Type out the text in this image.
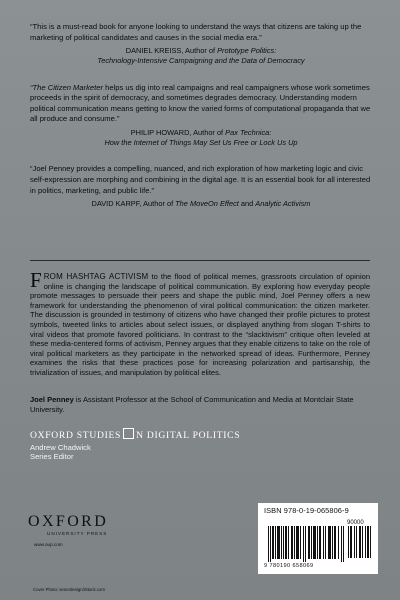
“This is a must-read book for anyone looking to understand the ways that citizens are taking up the marketing of political candidates and causes in the social media era.”

DANIEL KREISS, Author of Prototype Politics:
Technology-Intensive Campaigning and the Data of Democracy

“The Citizen Marketer helps us dig into real campaigns and real campaigners whose work sometimes proceeds in the spirit of democracy, and sometimes degrades democracy. Understanding modern political communication means getting to know the varied forms of computational propaganda that we all produce and consume.”

PHILIP HOWARD, Author of Pax Technica:
How the Internet of Things May Set Us Free or Lock Us Up

“Joel Penney provides a compelling, nuanced, and rich exploration of how marketing logic and civic self-expression are morphing and combining in the digital age. It is an essential book for all interested in politics, marketing, and public life.”

DAVID KARPF, Author of The MoveOn Effect and Analytic Activism

FROM HASHTAG ACTIVISM to the flood of political memes, grassroots circulation of opinion online is changing the landscape of political communication. By exploring how everyday people promote messages to persuade their peers and shape the public mind, Joel Penney offers a new framework for understanding the phenomenon of viral political communication: the citizen marketer. The discussion is grounded in testimony of citizens who have changed their profile pictures to protest symbols, tweeted links to articles about select issues, or displayed anything from slogan T-shirts to viral videos that promote favored politicians. In contrast to the “slacktivism” critique often leveled at these media-centered forms of activism, Penney argues that they enable citizens to take on the role of viral political marketers as they participate in the networked spread of ideas. Furthermore, Penney examines the risks that these practices pose for increasing polarization and partisanship, the trivialization of issues, and manipulation by political elites.

Joel Penney is Assistant Professor at the School of Communication and Media at Montclair State University.

OXFORD STUDIES N DIGITAL POLITICS
Andrew Chadwick
Series Editor
OXFORD
UNIVERSITY PRESS
www.oup.com
Cover Photo: senerdesign/iStock.com
ISBN 978-0-19-065806-9
90000
9 780190 658069
